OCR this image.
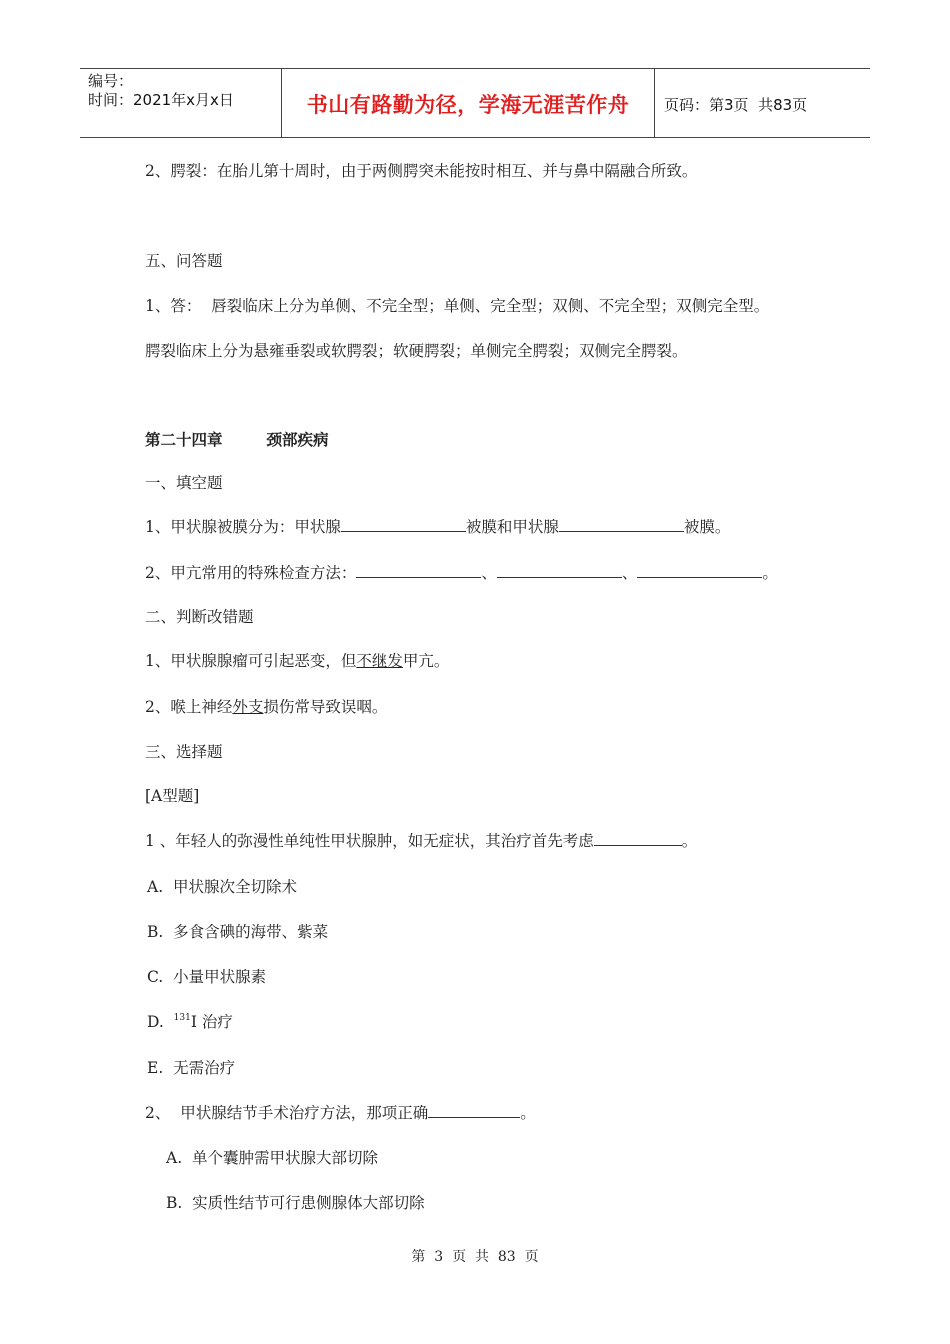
编号：
时间：2021年x月x日	书山有路勤为径，学海无涯苦作舟	页码：第3页  共83页
2、腭裂：在胎儿第十周时，由于两侧腭突未能按时相互、并与鼻中隔融合所致。
五、问答题
1、答：  唇裂临床上分为单侧、不完全型；单侧、完全型；双侧、不完全型；双侧完全型。
腭裂临床上分为悬雍垂裂或软腭裂；软硬腭裂；单侧完全腭裂；双侧完全腭裂。
第二十四章	颈部疾病
一、填空题
1、甲状腺被膜分为：甲状腺	被膜和甲状腺	被膜。
2、甲亢常用的特殊检查方法：	、	、	。
二、判断改错题
1、甲状腺腺瘤可引起恶变，但不继发甲亢。
2、喉上神经外支损伤常导致误咽。
三、选择题
[A型题]
1 、年轻人的弥漫性单纯性甲状腺肿，如无症状，其治疗首先考虑	。
A.  甲状腺次全切除术
B.  多食含碘的海带、紫菜
C.  小量甲状腺素
D.  $^{131}$I 治疗
E.  无需治疗
2、  甲状腺结节手术治疗方法，那项正确	。
A.  单个囊肿需甲状腺大部切除
B.  实质性结节可行患侧腺体大部切除
第  3  页  共  83  页
